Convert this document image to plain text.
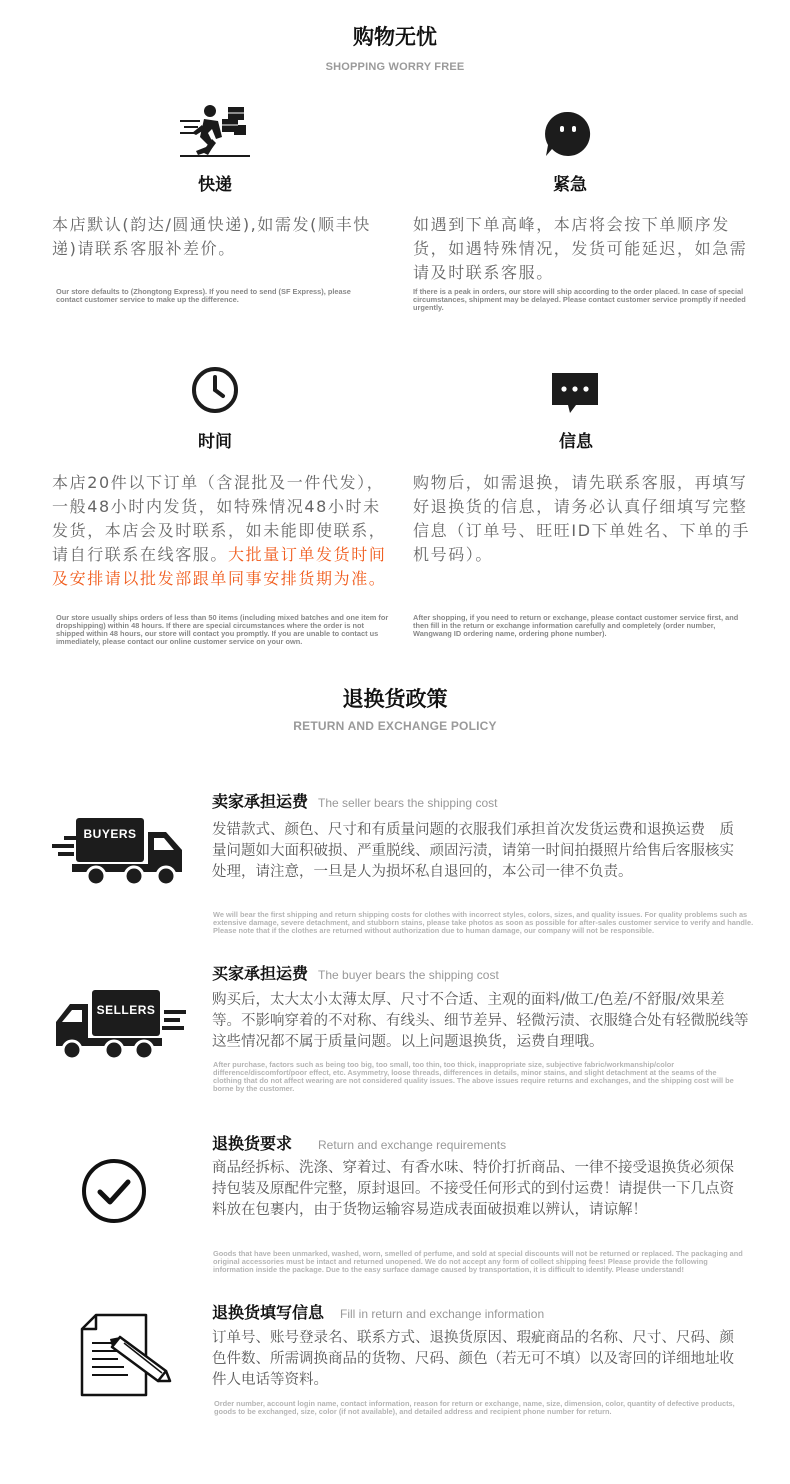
购物无忧
SHOPPING WORRY FREE
快递
本店默认(韵达/圆通快递),如需发(顺丰快递)请联系客服补差价。
Our store defaults to (Zhongtong Express). If you need to send (SF Express), please contact customer service to make up the difference.
紧急
如遇到下单高峰，本店将会按下单顺序发货，如遇特殊情况，发货可能延迟，如急需请及时联系客服。
If there is a peak in orders, our store will ship according to the order placed. In case of special circumstances, shipment may be delayed. Please contact customer service promptly if needed urgently.
时间
本店20件以下订单（含混批及一件代发），一般48小时内发货，如特殊情况48小时未发货，本店会及时联系，如未能即使联系，请自行联系在线客服。大批量订单发货时间及安排请以批发部跟单同事安排货期为准。
Our store usually ships orders of less than 50 items (including mixed batches and one item for dropshipping) within 48 hours. If there are special circumstances where the order is not shipped within 48 hours, our store will contact you promptly. If you are unable to contact us immediately, please contact our online customer service on your own.
信息
购物后，如需退换，请先联系客服，再填写好退换货的信息，请务必认真仔细填写完整信息（订单号、旺旺ID下单姓名、下单的手机号码）。
After shopping, if you need to return or exchange, please contact customer service first, and then fill in the return or exchange information carefully and completely (order number, Wangwang ID ordering name, ordering phone number).
退换货政策
RETURN AND EXCHANGE POLICY
BUYERS
卖家承担运费 The seller bears the shipping cost
发错款式、颜色、尺寸和有质量问题的衣服我们承担首次发货运费和退换运费　质量问题如大面积破损、严重脱线、顽固污渍，请第一时间拍摄照片给售后客服核实处理，请注意，一旦是人为损坏私自退回的，本公司一律不负责。
We will bear the first shipping and return shipping costs for clothes with incorrect styles, colors, sizes, and quality issues. For quality problems such as extensive damage, severe detachment, and stubborn stains, please take photos as soon as possible for after-sales customer service to verify and handle. Please note that if the clothes are returned without authorization due to human damage, our company will not be responsible.
SELLERS
买家承担运费 The buyer bears the shipping cost
购买后，太大太小太薄太厚、尺寸不合适、主观的面料/做工/色差/不舒服/效果差等。不影响穿着的不对称、有线头、细节差异、轻微污渍、衣服缝合处有轻微脱线等这些情况都不属于质量问题。以上问题退换货，运费自理哦。
After purchase, factors such as being too big, too small, too thin, too thick, inappropriate size, subjective fabric/workmanship/color difference/discomfort/poor effect, etc. Asymmetry, loose threads, differences in details, minor stains, and slight detachment at the seams of the clothing that do not affect wearing are not considered quality issues. The above issues require returns and exchanges, and the shipping cost will be borne by the customer.
退换货要求 Return and exchange requirements
商品经拆标、洗涤、穿着过、有香水味、特价打折商品、一律不接受退换货必须保持包装及原配件完整，原封退回。不接受任何形式的到付运费！请提供一下几点资料放在包裹内，由于货物运输容易造成表面破损难以辨认，请谅解！
Goods that have been unmarked, washed, worn, smelled of perfume, and sold at special discounts will not be returned or replaced. The packaging and original accessories must be intact and returned unopened. We do not accept any form of collect shipping fees! Please provide the following information inside the package. Due to the easy surface damage caused by transportation, it is difficult to identify. Please understand!
退换货填写信息 Fill in return and exchange information
订单号、账号登录名、联系方式、退换货原因、瑕疵商品的名称、尺寸、尺码、颜色件数、所需调换商品的货物、尺码、颜色（若无可不填）以及寄回的详细地址收件人电话等资料。
Order number, account login name, contact information, reason for return or exchange, name, size, dimension, color, quantity of defective products, goods to be exchanged, size, color (if not available), and detailed address and recipient phone number for return.
